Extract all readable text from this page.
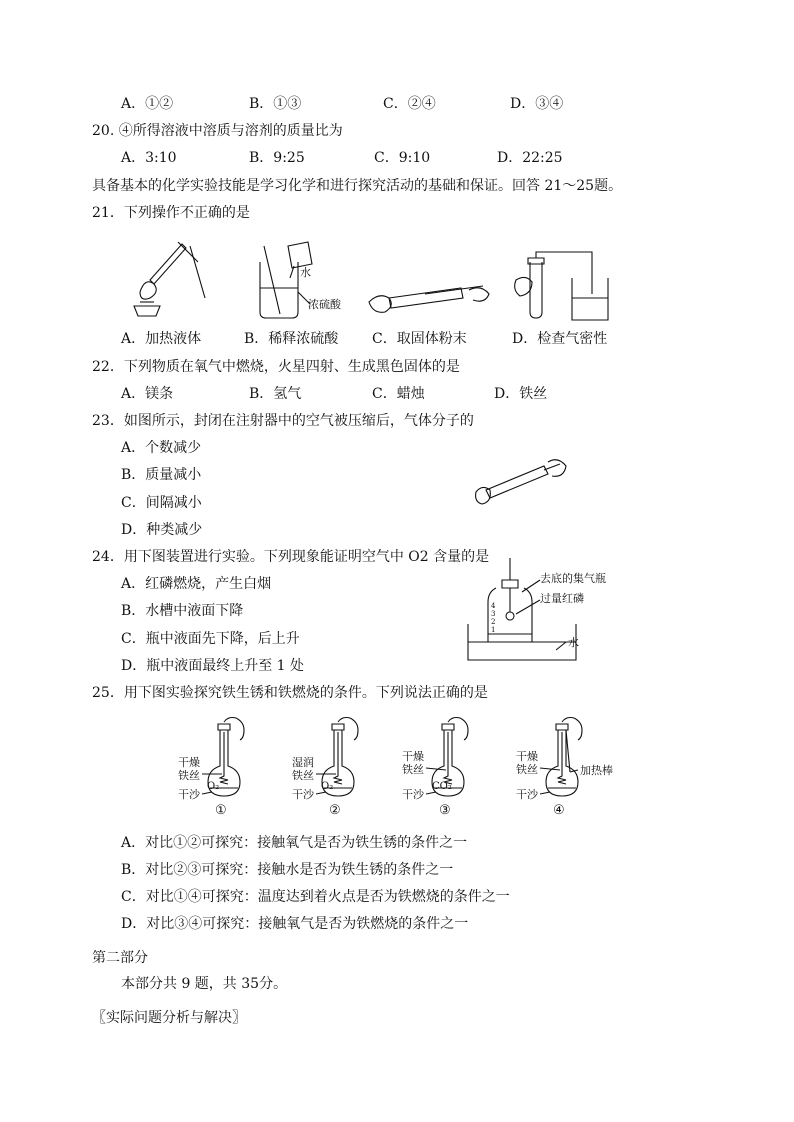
A．①②	B．①③	C．②④	D．③④
20. ④所得溶液中溶质与溶剂的质量比为
A．3:10	B．9:25	C．9:10	D．22:25
具备基本的化学实验技能是学习化学和进行探究活动的基础和保证。回答 21～25题。
21．下列操作不正确的是
水
浓硫酸
A．加热液体	B．稀释浓硫酸 C．取固体粉末	D．检查气密性
22．下列物质在氧气中燃烧，火星四射、生成黑色固体的是
A．镁条	B．氢气	C．蜡烛	D．铁丝
23．如图所示，封闭在注射器中的空气被压缩后，气体分子的
A．个数减少
B．质量减小
C．间隔减小
D．种类减少
24．用下图装置进行实验。下列现象能证明空气中 O2 含量的是
A．红磷燃烧，产生白烟
B．水槽中液面下降
C．瓶中液面先下降，后上升
D．瓶中液面最终上升至 1 处
4
3
2
1
去底的集气瓶
过量红磷
水
25．用下图实验探究铁生锈和铁燃烧的条件。下列说法正确的是
干燥
铁丝
O₂
干沙
①
湿润
铁丝
O₂
干沙
②
干燥
铁丝
CO₂
干沙
③
干燥
铁丝
干沙
加热棒
④
A．对比①②可探究：接触氧气是否为铁生锈的条件之一
B．对比②③可探究：接触水是否为铁生锈的条件之一
C．对比①④可探究：温度达到着火点是否为铁燃烧的条件之一
D．对比③④可探究：接触氧气是否为铁燃烧的条件之一
第二部分
本部分共 9 题，共 35分。
〖实际问题分析与解决〗
